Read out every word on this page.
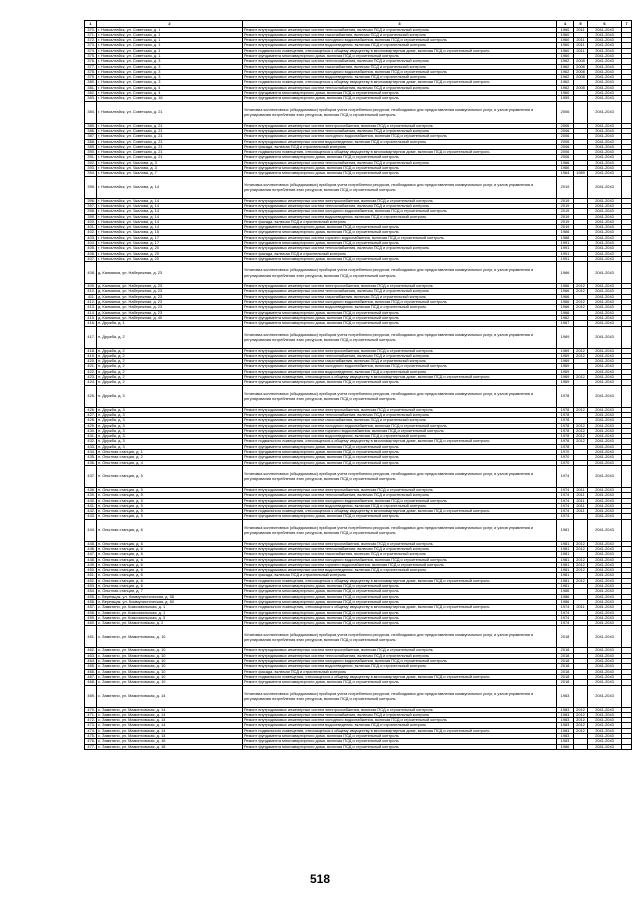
1	2	3	4	5	6	7
370.	г. Новоалтайск, ул. Советская, д. 1	Ремонт внутридомовых инженерных систем теплоснабжения, включая ПСД и строительный контроль	1960	2011	2041-2043	
371.	г. Новоалтайск, ул. Советская, д. 1	Ремонт внутридомовых инженерных систем газоснабжения, включая ПСД и строительный контроль	1960		2041-2043	
372.	г. Новоалтайск, ул. Советская, д. 1	Ремонт внутридомовых инженерных систем холодного водоснабжения, включая ПСД и строительный контроль	1960	2011	2041-2043	
373.	г. Новоалтайск, ул. Советская, д. 1	Ремонт внутридомовых инженерных систем водоотведения, включая ПСД и строительный контроль	1960	2011	2041-2043	
374.	г. Новоалтайск, ул. Советская, д. 1	Ремонт подвального помещения, относящегося к общему имуществу в многоквартирном доме, включая ПСД и строительный контроль	1960	2011	2041-2043	
375.	г. Новоалтайск, ул. Советская, д. 1	Ремонт фундамента многоквартирного дома, включая ПСД и строительный контроль	1960		2041-2043	
376.	г. Новоалтайск, ул. Советская, д. 3	Ремонт внутридомовых инженерных систем теплоснабжения, включая ПСД и строительный контроль	1962	2008	2041-2043	
377.	г. Новоалтайск, ул. Советская, д. 3	Ремонт внутридомовых инженерных систем газоснабжения, включая ПСД и строительный контроль	1962	2008	2041-2043	
378.	г. Новоалтайск, ул. Советская, д. 3	Ремонт внутридомовых инженерных систем холодного водоснабжения, включая ПСД и строительный контроль	1962	2008	2041-2043	
379.	г. Новоалтайск, ул. Советская, д. 3	Ремонт внутридомовых инженерных систем водоотведения, включая ПСД и строительный контроль	1962	2008	2041-2043	
380.	г. Новоалтайск, ул. Советская, д. 3	Ремонт подвального помещения, относящегося к общему имуществу в многоквартирном доме, включая ПСД и строительный контроль	1962		2041-2043	
381.	г. Новоалтайск, ул. Советская, д. 4	Ремонт внутридомовых инженерных систем теплоснабжения, включая ПСД и строительный контроль	1962	2008	2041-2043	
382.	г. Новоалтайск, ул. Советская, д. 4	Ремонт фундамента многоквартирного дома, включая ПСД и строительный контроль	1960		2041-2043	
383.	г. Новоалтайск, ул. Советская, д. 16	Ремонт фундамента многоквартирного дома, включая ПСД и строительный контроль	1959		2041-2043	
384.	г. Новоалтайск, ул. Советская, д. 21	Установка коллективных (общедомовых) приборов учета потребления ресурсов, необходимых для предоставления коммунальных услуг, и узлов управления и регулирования потребления этих ресурсов, включая ПСД и строительный контроль	2006		2041-2043	
385.	г. Новоалтайск, ул. Советская, д. 21	Ремонт внутридомовых инженерных систем электроснабжения, включая ПСД и строительный контроль	2006		2041-2043	
386.	г. Новоалтайск, ул. Советская, д. 21	Ремонт внутридомовых инженерных систем теплоснабжения, включая ПСД и строительный контроль	2006		2041-2043	
387.	г. Новоалтайск, ул. Советская, д. 21	Ремонт внутридомовых инженерных систем холодного водоснабжения, включая ПСД и строительный контроль	2006		2041-2043	
388.	г. Новоалтайск, ул. Советская, д. 21	Ремонт внутридомовых инженерных систем водоотведения, включая ПСД и строительный контроль	2006		2041-2043	
389.	г. Новоалтайск, ул. Советская, д. 21	Ремонт фасада, включая ПСД и строительный контроль	2006		2041-2043	
390.	г. Новоалтайск, ул. Советская, д. 21	Ремонт подвального помещения, относящегося к общему имуществу в многоквартирном доме, включая ПСД и строительный контроль	2006		2041-2043	
391.	г. Новоалтайск, ул. Советская, д. 21	Ремонт фундамента многоквартирного дома, включая ПСД и строительный контроль	2006		2041-2043	
392.	г. Новоалтайск, ул. Чкалова, д. 3	Ремонт внутридомовых инженерных систем теплоснабжения, включая ПСД и строительный контроль	1986		2041-2043	
393.	г. Новоалтайск, ул. Чкалова, д. 3	Ремонт фундамента многоквартирного дома, включая ПСД и строительный контроль	1986		2041-2043	
394.	г. Новоалтайск, ул. Чкалова, д. 7	Ремонт фундамента многоквартирного дома, включая ПСД и строительный контроль	1964	1989	2041-2043	
395.	г. Новоалтайск, ул. Чкалова, д. 14	Установка коллективных (общедомовых) приборов учета потребления ресурсов, необходимых для предоставления коммунальных услуг, и узлов управления и регулирования потребления этих ресурсов, включая ПСД и строительный контроль	2019		2041-2043	
396.	г. Новоалтайск, ул. Чкалова, д. 14	Ремонт внутридомовых инженерных систем электроснабжения, включая ПСД и строительный контроль	2019		2041-2043	
397.	г. Новоалтайск, ул. Чкалова, д. 14	Ремонт внутридомовых инженерных систем теплоснабжения, включая ПСД и строительный контроль	2019		2041-2043	
398.	г. Новоалтайск, ул. Чкалова, д. 14	Ремонт внутридомовых инженерных систем холодного водоснабжения, включая ПСД и строительный контроль	2019		2041-2043	
399.	г. Новоалтайск, ул. Чкалова, д. 14	Ремонт внутридомовых инженерных систем водоотведения, включая ПСД и строительный контроль	2019		2041-2043	
400.	г. Новоалтайск, ул. Чкалова, д. 14	Ремонт фасада, включая ПСД и строительный контроль	2019		2041-2043	
401.	г. Новоалтайск, ул. Чкалова, д. 14	Ремонт фундамента многоквартирного дома, включая ПСД и строительный контроль	2019		2041-2043	
402.	г. Новоалтайск, ул. Чкалова, д. 15	Ремонт фундамента многоквартирного дома, включая ПСД и строительный контроль	1986		2041-2043	
403.	г. Новоалтайск, ул. Чкалова, д. 17	Ремонт внутридомовых инженерных систем горячего водоснабжения, включая ПСД и строительный контроль	1988		2041-2043	
404.	г. Новоалтайск, ул. Чкалова, д. 17	Ремонт фундамента многоквартирного дома, включая ПСД и строительный контроль	1991		2041-2043	
405.	г. Новоалтайск, ул. Чкалова, д. 20	Ремонт внутридомовых инженерных систем теплоснабжения, включая ПСД и строительный контроль	1991		2041-2043	
406.	г. Новоалтайск, ул. Чкалова, д. 20	Ремонт фасада, включая ПСД и строительный контроль	1991		2041-2043	
407.	г. Новоалтайск, ул. Чкалова, д. 20	Ремонт фундамента многоквартирного дома, включая ПСД и строительный контроль	1991		2041-2043	
408.	д. Калманка, ул. Набережная, д. 23	Установка коллективных (общедомовых) приборов учета потребления ресурсов, необходимых для предоставления коммунальных услуг, и узлов управления и регулирования потребления этих ресурсов, включая ПСД и строительный контроль	1966		2041-2043	
409.	д. Калманка, ул. Набережная, д. 23	Ремонт внутридомовых инженерных систем электроснабжения, включая ПСД и строительный контроль	1966	2012	2041-2043	
410.	д. Калманка, ул. Набережная, д. 23	Ремонт внутридомовых инженерных систем теплоснабжения, включая ПСД и строительный контроль	1966	2012	2041-2043	
411.	д. Калманка, ул. Набережная, д. 23	Ремонт внутридомовых инженерных систем газоснабжения, включая ПСД и строительный контроль	1966		2041-2043	
412.	д. Калманка, ул. Набережная, д. 23	Ремонт внутридомовых инженерных систем холодного водоснабжения, включая ПСД и строительный контроль	1966	2012	2041-2043	
413.	д. Калманка, ул. Набережная, д. 23	Ремонт внутридомовых инженерных систем водоотведения, включая ПСД и строительный контроль	1966	2012	2041-2043	
414.	д. Калманка, ул. Набережная, д. 23	Ремонт фундамента многоквартирного дома, включая ПСД и строительный контроль	1966		2041-2043	
415.	д. Калманка, ул. Набережная, д. 40	Ремонт фундамента многоквартирного дома, включая ПСД и строительный контроль	1962		2041-2043	
416.	п. Дружба, д. 1	Ремонт фундамента многоквартирного дома, включая ПСД и строительный контроль	1967		2041-2043	
417.	п. Дружба, д. 2	Установка коллективных (общедомовых) приборов учета потребления ресурсов, необходимых для предоставления коммунальных услуг, и узлов управления и регулирования потребления этих ресурсов, включая ПСД и строительный контроль	1969		2041-2043	
418.	п. Дружба, д. 2	Ремонт внутридомовых инженерных систем электроснабжения, включая ПСД и строительный контроль	1969	2012	2041-2043	
419.	п. Дружба, д. 2	Ремонт внутридомовых инженерных систем теплоснабжения, включая ПСД и строительный контроль	1969	2012	2041-2043	
420.	п. Дружба, д. 2	Ремонт внутридомовых инженерных систем газоснабжения, включая ПСД и строительный контроль	1969		2041-2043	
421.	п. Дружба, д. 2	Ремонт внутридомовых инженерных систем холодного водоснабжения, включая ПСД и строительный контроль	1969		2041-2043	
422.	п. Дружба, д. 2	Ремонт внутридомовых инженерных систем водоотведения, включая ПСД и строительный контроль	1969		2041-2043	
423.	п. Дружба, д. 2	Ремонт подвального помещения, относящегося к общему имуществу в многоквартирном доме, включая ПСД и строительный контроль	1969	2012	2041-2043	
424.	п. Дружба, д. 2	Ремонт фундамента многоквартирного дома, включая ПСД и строительный контроль	1969		2041-2043	
425.	п. Дружба, д. 3	Установка коллективных (общедомовых) приборов учета потребления ресурсов, необходимых для предоставления коммунальных услуг, и узлов управления и регулирования потребления этих ресурсов, включая ПСД и строительный контроль	1978		2041-2043	
426.	п. Дружба, д. 3	Ремонт внутридомовых инженерных систем электроснабжения, включая ПСД и строительный контроль	1978	2012	2041-2043	
427.	п. Дружба, д. 3	Ремонт внутридомовых инженерных систем теплоснабжения, включая ПСД и строительный контроль	1978		2041-2043	
428.	п. Дружба, д. 3	Ремонт внутридомовых инженерных систем газоснабжения, включая ПСД и строительный контроль	1978		2041-2043	
429.	п. Дружба, д. 3	Ремонт внутридомовых инженерных систем холодного водоснабжения, включая ПСД и строительный контроль	1978	2012	2041-2043	
430.	п. Дружба, д. 3	Ремонт внутридомовых инженерных систем горячего водоснабжения, включая ПСД и строительный контроль	1978	2012	2041-2043	
431.	п. Дружба, д. 3	Ремонт внутридомовых инженерных систем водоотведения, включая ПСД и строительный контроль	1978	2012	2041-2043	
432.	п. Дружба, д. 3	Ремонт подвального помещения, относящегося к общему имуществу в многоквартирном доме, включая ПСД и строительный контроль	1978	2012	2041-2043	
433.	п. Дружба, д. 3	Ремонт фундамента многоквартирного дома, включая ПСД и строительный контроль	1978		2041-2043	
434.	п. Опытная станция, д. 1	Ремонт фундамента многоквартирного дома, включая ПСД и строительный контроль	1970		2041-2043	
435.	п. Опытная станция, д. 2	Ремонт фундамента многоквартирного дома, включая ПСД и строительный контроль	1970		2041-2043	
436.	п. Опытная станция, д. 4	Ремонт фундамента многоквартирного дома, включая ПСД и строительный контроль	1970		2041-2043	
437.	п. Опытная станция, д. 5	Установка коллективных (общедомовых) приборов учета потребления ресурсов, необходимых для предоставления коммунальных услуг, и узлов управления и регулирования потребления этих ресурсов, включая ПСД и строительный контроль	1974		2041-2043	
438.	п. Опытная станция, д. 5	Ремонт внутридомовых инженерных систем электроснабжения, включая ПСД и строительный контроль	1974	2011	2041-2043	
439.	п. Опытная станция, д. 5	Ремонт внутридомовых инженерных систем теплоснабжения, включая ПСД и строительный контроль	1974	2011	2041-2043	
440.	п. Опытная станция, д. 5	Ремонт внутридомовых инженерных систем холодного водоснабжения, включая ПСД и строительный контроль	1974	2011	2041-2043	
441.	п. Опытная станция, д. 5	Ремонт внутридомовых инженерных систем водоотведения, включая ПСД и строительный контроль	1974	2011	2041-2043	
442.	п. Опытная станция, д. 5	Ремонт подвального помещения, относящегося к общему имуществу в многоквартирном доме, включая ПСД и строительный контроль	1974	2011	2041-2043	
443.	п. Опытная станция, д. 5	Ремонт фундамента многоквартирного дома, включая ПСД и строительный контроль	1974		2041-2043	
444.	п. Опытная станция, д. 6	Установка коллективных (общедомовых) приборов учета потребления ресурсов, необходимых для предоставления коммунальных услуг, и узлов управления и регулирования потребления этих ресурсов, включая ПСД и строительный контроль	1981		2041-2043	
445.	п. Опытная станция, д. 6	Ремонт внутридомовых инженерных систем электроснабжения, включая ПСД и строительный контроль	1981	2012	2041-2043	
446.	п. Опытная станция, д. 6	Ремонт внутридомовых инженерных систем теплоснабжения, включая ПСД и строительный контроль	1981	2012	2041-2043	
447.	п. Опытная станция, д. 6	Ремонт внутридомовых инженерных систем газоснабжения, включая ПСД и строительный контроль	1981		2041-2043	
448.	п. Опытная станция, д. 6	Ремонт внутридомовых инженерных систем холодного водоснабжения, включая ПСД и строительный контроль	1981	2012	2041-2043	
449.	п. Опытная станция, д. 6	Ремонт внутридомовых инженерных систем горячего водоснабжения, включая ПСД и строительный контроль	1981	2012	2041-2043	
450.	п. Опытная станция, д. 6	Ремонт внутридомовых инженерных систем водоотведения, включая ПСД и строительный контроль	1981	2012	2041-2043	
451.	п. Опытная станция, д. 6	Ремонт фасада, включая ПСД и строительный контроль	1981		2041-2043	
452.	п. Опытная станция, д. 6	Ремонт подвального помещения, относящегося к общему имуществу в многоквартирном доме, включая ПСД и строительный контроль	1981	2012	2041-2043	
453.	п. Опытная станция, д. 6	Ремонт фундамента многоквартирного дома, включая ПСД и строительный контроль	1981		2041-2043	
454.	п. Опытная станция, д. 7	Ремонт фундамента многоквартирного дома, включая ПСД и строительный контроль	1986		2041-2043	
455.	с. Вереящак, ул. Коммунистическая, д. 58	Ремонт фундамента многоквартирного дома, включая ПСД и строительный контроль	1986		2041-2043	
456.	с. Вереящак, ул. Коммунистическая, д. 60	Ремонт фундамента многоквартирного дома, включая ПСД и строительный контроль	1986		2041-2043	
457.	с. Замятино, ул. Комсомольская, д. 1	Ремонт подвального помещения, относящегося к общему имуществу в многоквартирном доме, включая ПСД и строительный контроль	1974	2011	2041-2043	
458.	с. Замятино, ул. Комсомольская, д. 1	Ремонт фундамента многоквартирного дома, включая ПСД и строительный контроль	1974		2041-2043	
459.	с. Замятино, ул. Комсомольская, д. 3	Ремонт фундамента многоквартирного дома, включая ПСД и строительный контроль	1974		2041-2043	
460.	с. Замятино, ул. Мамонтовская, д. 2	Ремонт фундамента многоквартирного дома, включая ПСД и строительный контроль	1974		2041-2043	
461.	с. Замятино, ул. Мамонтовская, д. 10	Установка коллективных (общедомовых) приборов учета потребления ресурсов, необходимых для предоставления коммунальных услуг, и узлов управления и регулирования потребления этих ресурсов, включая ПСД и строительный контроль	2018		2041-2043	
462.	с. Замятино, ул. Мамонтовская, д. 10	Ремонт внутридомовых инженерных систем электроснабжения, включая ПСД и строительный контроль	2018		2041-2043	
463.	с. Замятино, ул. Мамонтовская, д. 10	Ремонт внутридомовых инженерных систем теплоснабжения, включая ПСД и строительный контроль	2018		2041-2043	
464.	с. Замятино, ул. Мамонтовская, д. 10	Ремонт внутридомовых инженерных систем холодного водоснабжения, включая ПСД и строительный контроль	2018		2041-2043	
465.	с. Замятино, ул. Мамонтовская, д. 10	Ремонт внутридомовых инженерных систем водоотведения, включая ПСД и строительный контроль	2018		2041-2043	
466.	с. Замятино, ул. Мамонтовская, д. 10	Ремонт фасада, включая ПСД и строительный контроль	2018		2041-2043	
467.	с. Замятино, ул. Мамонтовская, д. 10	Ремонт подвального помещения, относящегося к общему имуществу в многоквартирном доме, включая ПСД и строительный контроль	2018		2041-2043	
468.	с. Замятино, ул. Мамонтовская, д. 10	Ремонт фундамента многоквартирного дома, включая ПСД и строительный контроль	2018		2041-2043	
469.	с. Замятино, ул. Мамонтовская, д. 14	Установка коллективных (общедомовых) приборов учета потребления ресурсов, необходимых для предоставления коммунальных услуг, и узлов управления и регулирования потребления этих ресурсов, включая ПСД и строительный контроль	1983		2041-2043	
470.	с. Замятино, ул. Мамонтовская, д. 14	Ремонт внутридомовых инженерных систем электроснабжения, включая ПСД и строительный контроль	1983	2012	2041-2043	
471.	с. Замятино, ул. Мамонтовская, д. 14	Ремонт внутридомовых инженерных систем теплоснабжения, включая ПСД и строительный контроль	1983	2012	2041-2043	
472.	с. Замятино, ул. Мамонтовская, д. 14	Ремонт внутридомовых инженерных систем холодного водоснабжения, включая ПСД и строительный контроль	1983	2012	2041-2043	
473.	с. Замятино, ул. Мамонтовская, д. 14	Ремонт внутридомовых инженерных систем водоотведения, включая ПСД и строительный контроль	1983	2012	2041-2043	
474.	с. Замятино, ул. Мамонтовская, д. 14	Ремонт подвального помещения, относящегося к общему имуществу в многоквартирном доме, включая ПСД и строительный контроль	1983	2012	2041-2043	
475.	с. Замятино, ул. Мамонтовская, д. 14	Ремонт фундамента многоквартирного дома, включая ПСД и строительный контроль	1983		2041-2043	
476.	с. Замятино, ул. Мамонтовская, д. 16	Ремонт фундамента многоквартирного дома, включая ПСД и строительный контроль	1983		2041-2043	
477.	с. Замятино, ул. Мамонтовская, д. 18	Ремонт фундамента многоквартирного дома, включая ПСД и строительный контроль	1986		2041-2043	
518
